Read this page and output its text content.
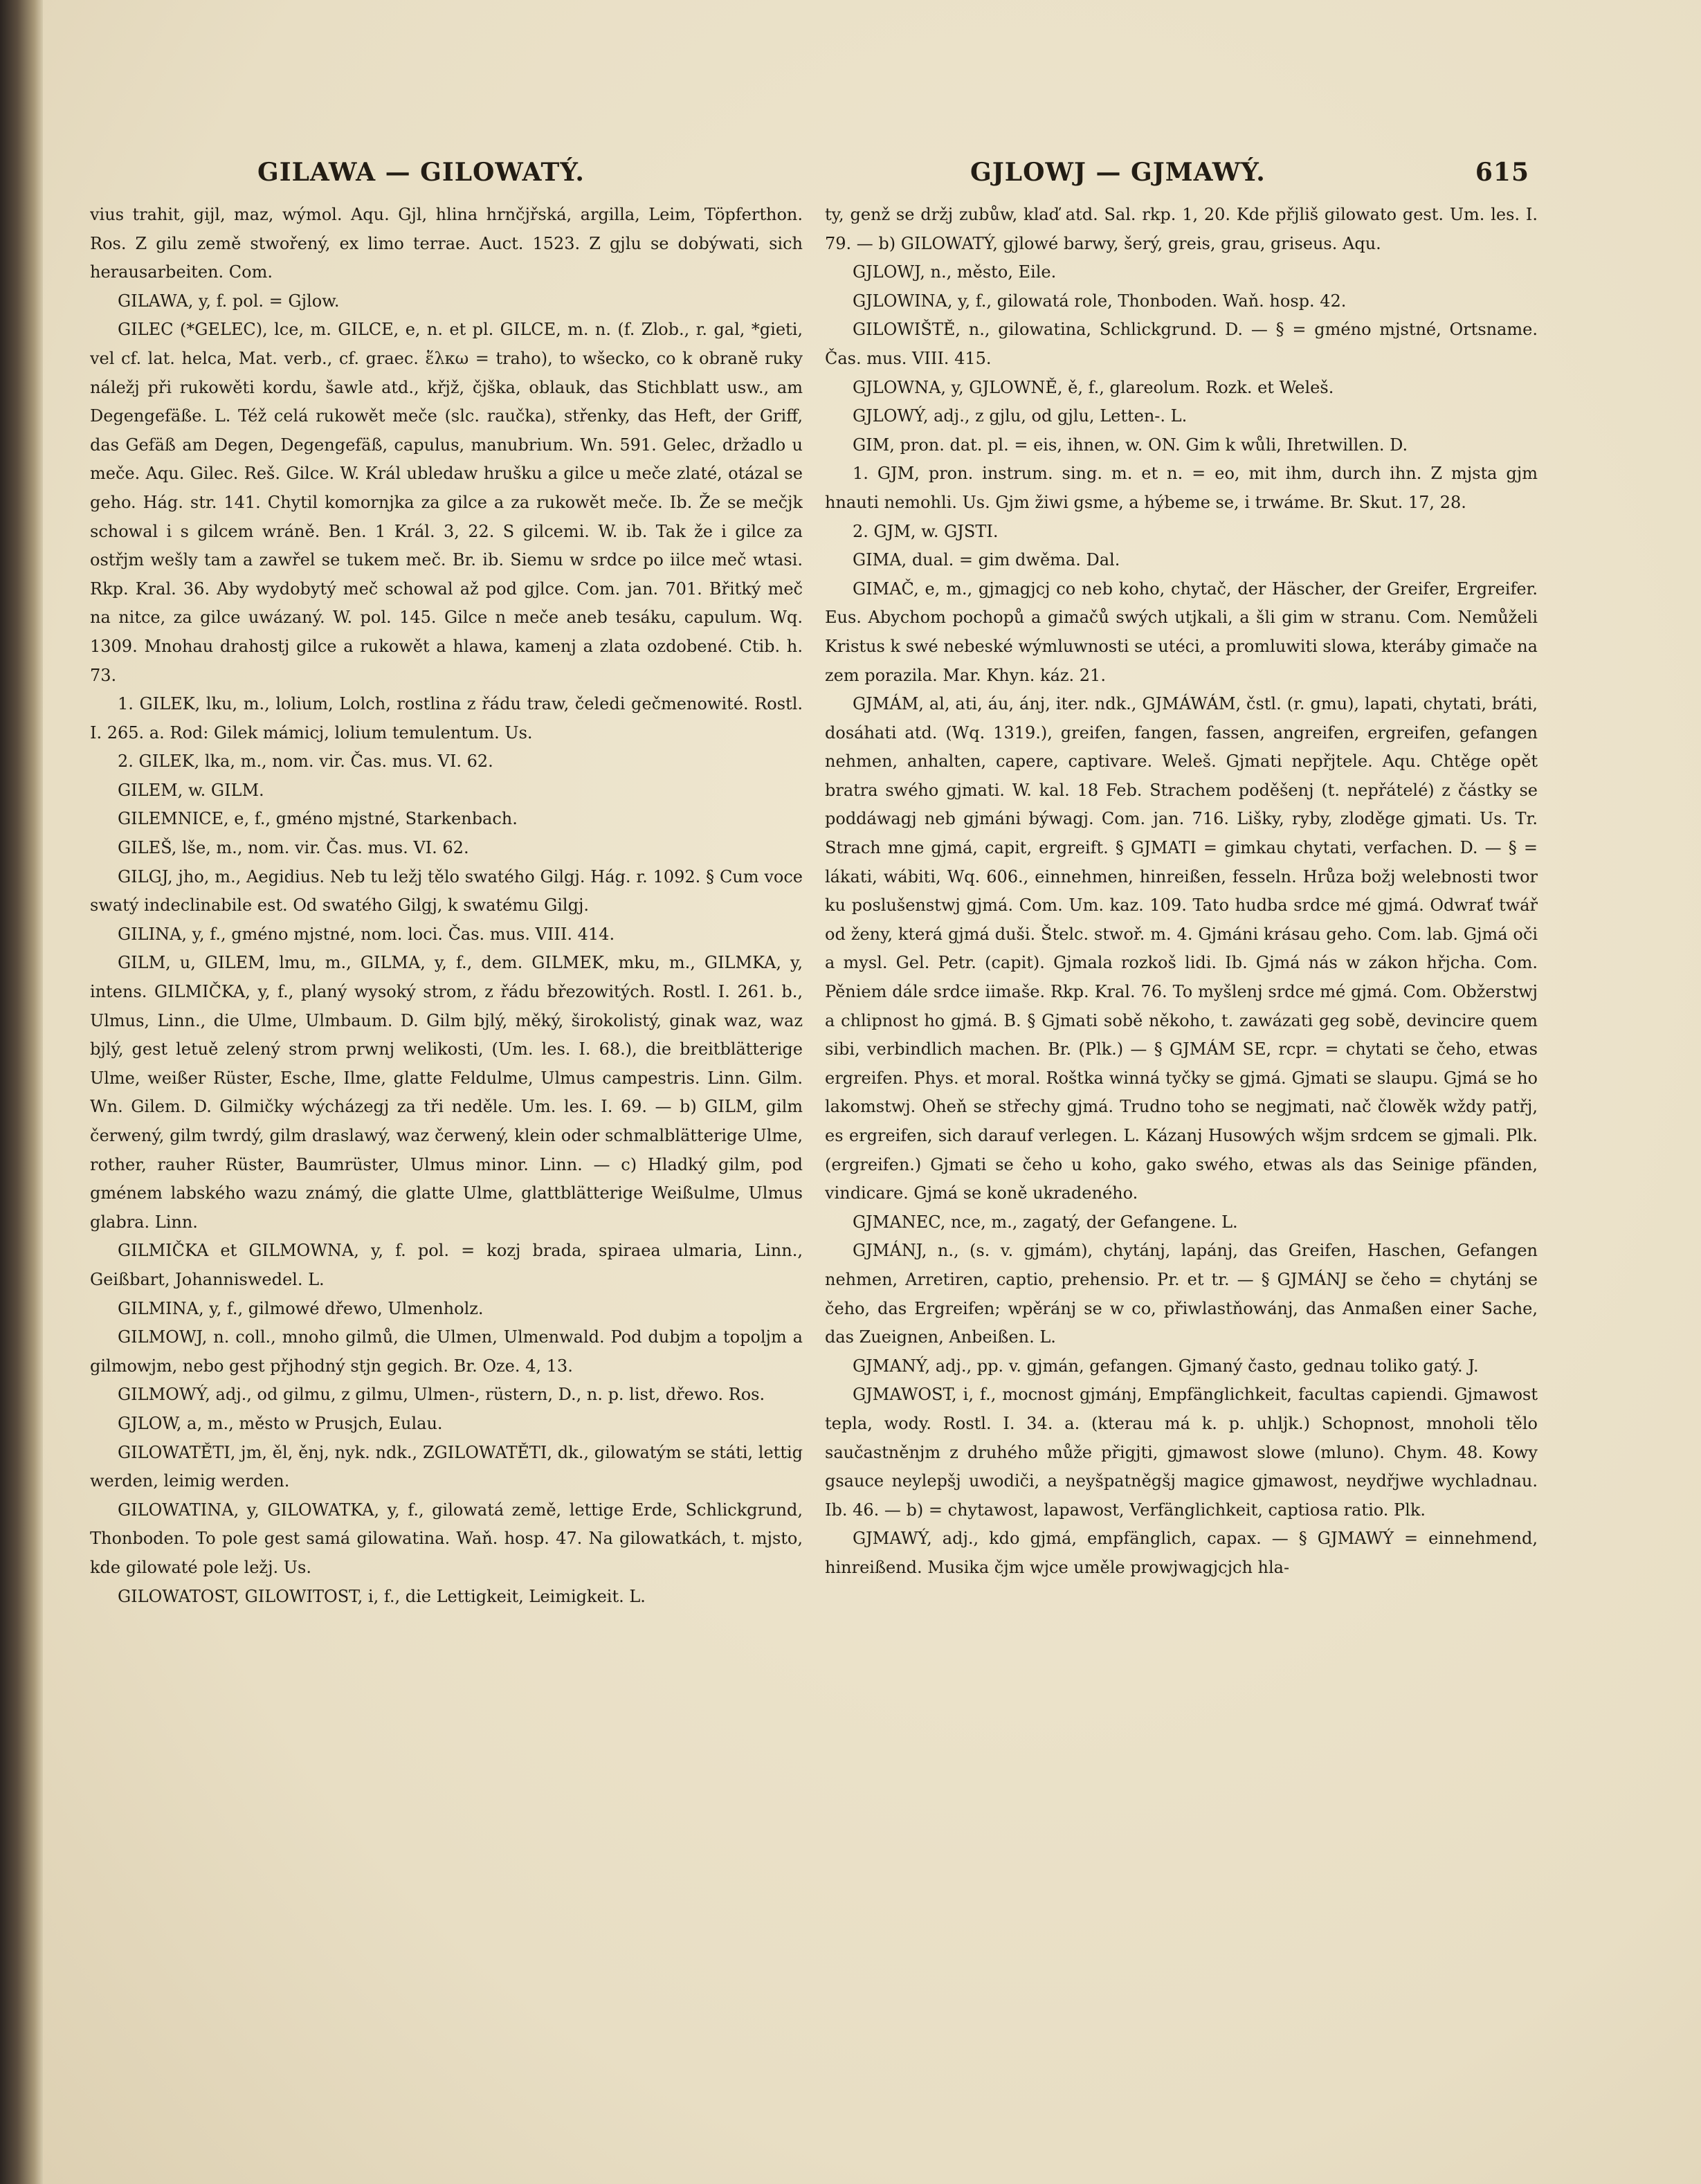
GILAWA — GILOWATÝ.	GJLOWJ — GJMAWÝ.	615

vius trahit, gijl, maz, wýmol. Aqu. Gjl, hlina hrnčjřská, argilla, Leim, Töpferthon. Ros. Z gilu země stwořený, ex limo terrae. Auct. 1523. Z gjlu se dobýwati, sich herausarbeiten. Com.

GILAWA, y, f. pol. = Gjlow.

GILEC (*GELEC), lce, m. GILCE, e, n. et pl. GILCE, m. n. (f. Zlob., r. gal, *gieti, vel cf. lat. helca, Mat. verb., cf. graec. ἕλκω = traho), to wšecko, co k obraně ruky náležj při rukowěti kordu, šawle atd., křjž, čjška, oblauk, das Stichblatt usw., am Degengefäße. L. Též celá rukowět meče (slc. raučka), střenky, das Heft, der Griff, das Gefäß am Degen, Degengefäß, capulus, manubrium. Wn. 591. Gelec, držadlo u meče. Aqu. Gilec. Reš. Gilce. W. Král ubledaw hrušku a gilce u meče zlaté, otázal se geho. Hág. str. 141. Chytil komornjka za gilce a za rukowět meče. Ib. Že se mečjk schowal i s gilcem wráně. Ben. 1 Král. 3, 22. S gilcemi. W. ib. Tak že i gilce za ostřjm wešly tam a zawřel se tukem meč. Br. ib. Siemu w srdce po iilce meč wtasi. Rkp. Kral. 36. Aby wydobytý meč schowal až pod gjlce. Com. jan. 701. Břitký meč na nitce, za gilce uwázaný. W. pol. 145. Gilce n meče aneb tesáku, capulum. Wq. 1309. Mnohau drahostj gilce a rukowět a hlawa, kamenj a zlata ozdobené. Ctib. h. 73.

1. GILEK, lku, m., lolium, Lolch, rostlina z řádu traw, čeledi gečmenowité. Rostl. I. 265. a. Rod: Gilek mámicj, lolium temulentum. Us.

2. GILEK, lka, m., nom. vir. Čas. mus. VI. 62.

GILEM, w. GILM.

GILEMNICE, e, f., gméno mjstné, Starkenbach.

GILEŠ, lše, m., nom. vir. Čas. mus. VI. 62.

GILGJ, jho, m., Aegidius. Neb tu ležj tělo swatého Gilgj. Hág. r. 1092. § Cum voce swatý indeclinabile est. Od swatého Gilgj, k swatému Gilgj.

GILINA, y, f., gméno mjstné, nom. loci. Čas. mus. VIII. 414.

GILM, u, GILEM, lmu, m., GILMA, y, f., dem. GILMEK, mku, m., GILMKA, y, intens. GILMIČKA, y, f., planý wysoký strom, z řádu březowitých. Rostl. I. 261. b., Ulmus, Linn., die Ulme, Ulmbaum. D. Gilm bjlý, měký, širokolistý, ginak waz, waz bjlý, gest letuě zelený strom prwnj welikosti, (Um. les. I. 68.), die breitblätterige Ulme, weißer Rüster, Esche, Ilme, glatte Feldulme, Ulmus campestris. Linn. Gilm. Wn. Gilem. D. Gilmičky wýcházegj za tři neděle. Um. les. I. 69. — b) GILM, gilm čerwený, gilm twrdý, gilm draslawý, waz čerwený, klein oder schmalblätterige Ulme, rother, rauher Rüster, Baumrüster, Ulmus minor. Linn. — c) Hladký gilm, pod gménem labského wazu známý, die glatte Ulme, glattblätterige Weißulme, Ulmus glabra. Linn.

GILMIČKA et GILMOWNA, y, f. pol. = kozj brada, spiraea ulmaria, Linn., Geißbart, Johanniswedel. L.

GILMINA, y, f., gilmowé dřewo, Ulmenholz.

GILMOWJ, n. coll., mnoho gilmů, die Ulmen, Ulmenwald. Pod dubjm a topoljm a gilmowjm, nebo gest přjhodný stjn gegich. Br. Oze. 4, 13.

GILMOWÝ, adj., od gilmu, z gilmu, Ulmen-, rüstern, D., n. p. list, dřewo. Ros.

GJLOW, a, m., město w Prusjch, Eulau.

GILOWATĚTI, jm, ěl, ěnj, nyk. ndk., ZGILOWATĚTI, dk., gilowatým se státi, lettig werden, leimig werden.

GILOWATINA, y, GILOWATKA, y, f., gilowatá země, lettige Erde, Schlickgrund, Thonboden. To pole gest samá gilowatina. Waň. hosp. 47. Na gilowatkách, t. mjsto, kde gilowaté pole ležj. Us.

GILOWATOST, GILOWITOST, i, f., die Lettigkeit, Leimigkeit. L.

ty, genž se držj zubůw, klaď atd. Sal. rkp. 1, 20. Kde přjliš gilowato gest. Um. les. I. 79. — b) GILOWATÝ, gjlowé barwy, šerý, greis, grau, griseus. Aqu.

GJLOWJ, n., město, Eile.

GJLOWINA, y, f., gilowatá role, Thonboden. Waň. hosp. 42.

GILOWIŠTĚ, n., gilowatina, Schlickgrund. D. — § = gméno mjstné, Ortsname. Čas. mus. VIII. 415.

GJLOWNA, y, GJLOWNĚ, ě, f., glareolum. Rozk. et Weleš.

GJLOWÝ, adj., z gjlu, od gjlu, Letten-. L.

GIM, pron. dat. pl. = eis, ihnen, w. ON. Gim k wůli, Ihretwillen. D.

1. GJM, pron. instrum. sing. m. et n. = eo, mit ihm, durch ihn. Z mjsta gjm hnauti nemohli. Us. Gjm žiwi gsme, a hýbeme se, i trwáme. Br. Skut. 17, 28.

2. GJM, w. GJSTI.

GIMA, dual. = gim dwěma. Dal.

GIMAČ, e, m., gjmagjcj co neb koho, chytač, der Häscher, der Greifer, Ergreifer. Eus. Abychom pochopů a gimačů swých utjkali, a šli gim w stranu. Com. Nemůželi Kristus k swé nebeské wýmluwnosti se utéci, a promluwiti slowa, kteráby gimače na zem porazila. Mar. Khyn. káz. 21.

GJMÁM, al, ati, áu, ánj, iter. ndk., GJMÁWÁM, čstl. (r. gmu), lapati, chytati, bráti, dosáhati atd. (Wq. 1319.), greifen, fangen, fassen, angreifen, ergreifen, gefangen nehmen, anhalten, capere, captivare. Weleš. Gjmati nepřjtele. Aqu. Chtěge opět bratra swého gjmati. W. kal. 18 Feb. Strachem poděšenj (t. nepřátelé) z částky se poddáwagj neb gjmáni býwagj. Com. jan. 716. Lišky, ryby, zloděge gjmati. Us. Tr. Strach mne gjmá, capit, ergreift. § GJMATI = gimkau chytati, verfachen. D. — § = lákati, wábiti, Wq. 606., einnehmen, hinreißen, fesseln. Hrůza božj welebnosti twor ku poslušenstwj gjmá. Com. Um. kaz. 109. Tato hudba srdce mé gjmá. Odwrať twář od ženy, která gjmá duši. Štelc. stwoř. m. 4. Gjmáni krásau geho. Com. lab. Gjmá oči a mysl. Gel. Petr. (capit). Gjmala rozkoš lidi. Ib. Gjmá nás w zákon hřjcha. Com. Pěniem dále srdce iimaše. Rkp. Kral. 76. To myšlenj srdce mé gjmá. Com. Obžerstwj a chlipnost ho gjmá. B. § Gjmati sobě někoho, t. zawázati geg sobě, devincire quem sibi, verbindlich machen. Br. (Plk.) — § GJMÁM SE, rcpr. = chytati se čeho, etwas ergreifen. Phys. et moral. Roštka winná tyčky se gjmá. Gjmati se slaupu. Gjmá se ho lakomstwj. Oheň se střechy gjmá. Trudno toho se negjmati, nač člowěk wždy patřj, es ergreifen, sich darauf verlegen. L. Kázanj Husowých wšjm srdcem se gjmali. Plk. (ergreifen.) Gjmati se čeho u koho, gako swého, etwas als das Seinige pfänden, vindicare. Gjmá se koně ukradeného.

GJMANEC, nce, m., zagatý, der Gefangene. L.

GJMÁNJ, n., (s. v. gjmám), chytánj, lapánj, das Greifen, Haschen, Gefangen nehmen, Arretiren, captio, prehensio. Pr. et tr. — § GJMÁNJ se čeho = chytánj se čeho, das Ergreifen; wpěránj se w co, přiwlastňowánj, das Anmaßen einer Sache, das Zueignen, Anbeißen. L.

GJMANÝ, adj., pp. v. gjmán, gefangen. Gjmaný často, gednau toliko gatý. J.

GJMAWOST, i, f., mocnost gjmánj, Empfänglichkeit, facultas capiendi. Gjmawost tepla, wody. Rostl. I. 34. a. (kterau má k. p. uhljk.) Schopnost, mnoholi tělo saučastněnjm z druhého může přigjti, gjmawost slowe (mluno). Chym. 48. Kowy gsauce neylepšj uwodiči, a neyšpatněgšj magice gjmawost, neydřjwe wychladnau. Ib. 46. — b) = chytawost, lapawost, Verfänglichkeit, captiosa ratio. Plk.

GJMAWÝ, adj., kdo gjmá, empfänglich, capax. — § GJMAWÝ = einnehmend, hinreißend. Musika čjm wjce uměle prowjwagjcjch hla-
